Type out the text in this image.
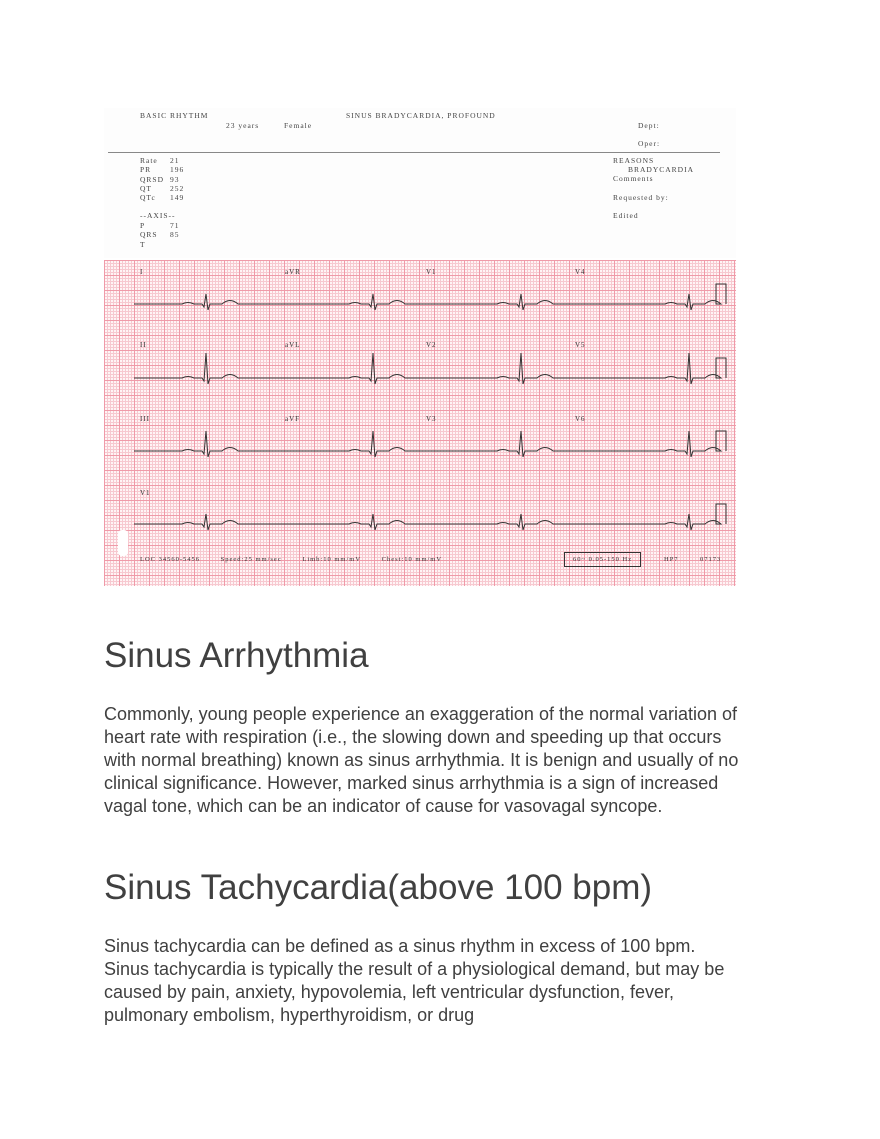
BASIC RHYTHM	SINUS BRADYCARDIA, PROFOUND
23 years	Female	Dept:
Oper:
Rate 21
PR	196
QRSD 93
QT 252
QTc 149
--AXIS--
P	71
QRS 85
T
REASONS
BRADYCARDIA
Comments
Requested by:
Edited
LOC 34560-5456	Speed:25 mm/sec	Limb:10 mm/mV	Chest:10 mm/mV	60~ 0.05-150 Hz	HP7	07173
I	aVR	V1	V4
II	aVL	V2	V5
III	aVF	V3	V6
V1
Sinus Arrhythmia

Commonly, young people experience an exaggeration of the normal variation of heart rate with respiration (i.e., the slowing down and speeding up that occurs with normal breathing) known as sinus arrhythmia. It is benign and usually of no clinical significance. However, marked sinus arrhythmia is a sign of increased vagal tone, which can be an indicator of cause for vasovagal syncope.

Sinus Tachycardia(above 100 bpm)

Sinus tachycardia can be defined as a sinus rhythm in excess of 100 bpm. Sinus tachycardia is typically the result of a physiological demand, but may be caused by pain, anxiety, hypovolemia, left ventricular dysfunction, fever, pulmonary embolism, hyperthyroidism, or drug
